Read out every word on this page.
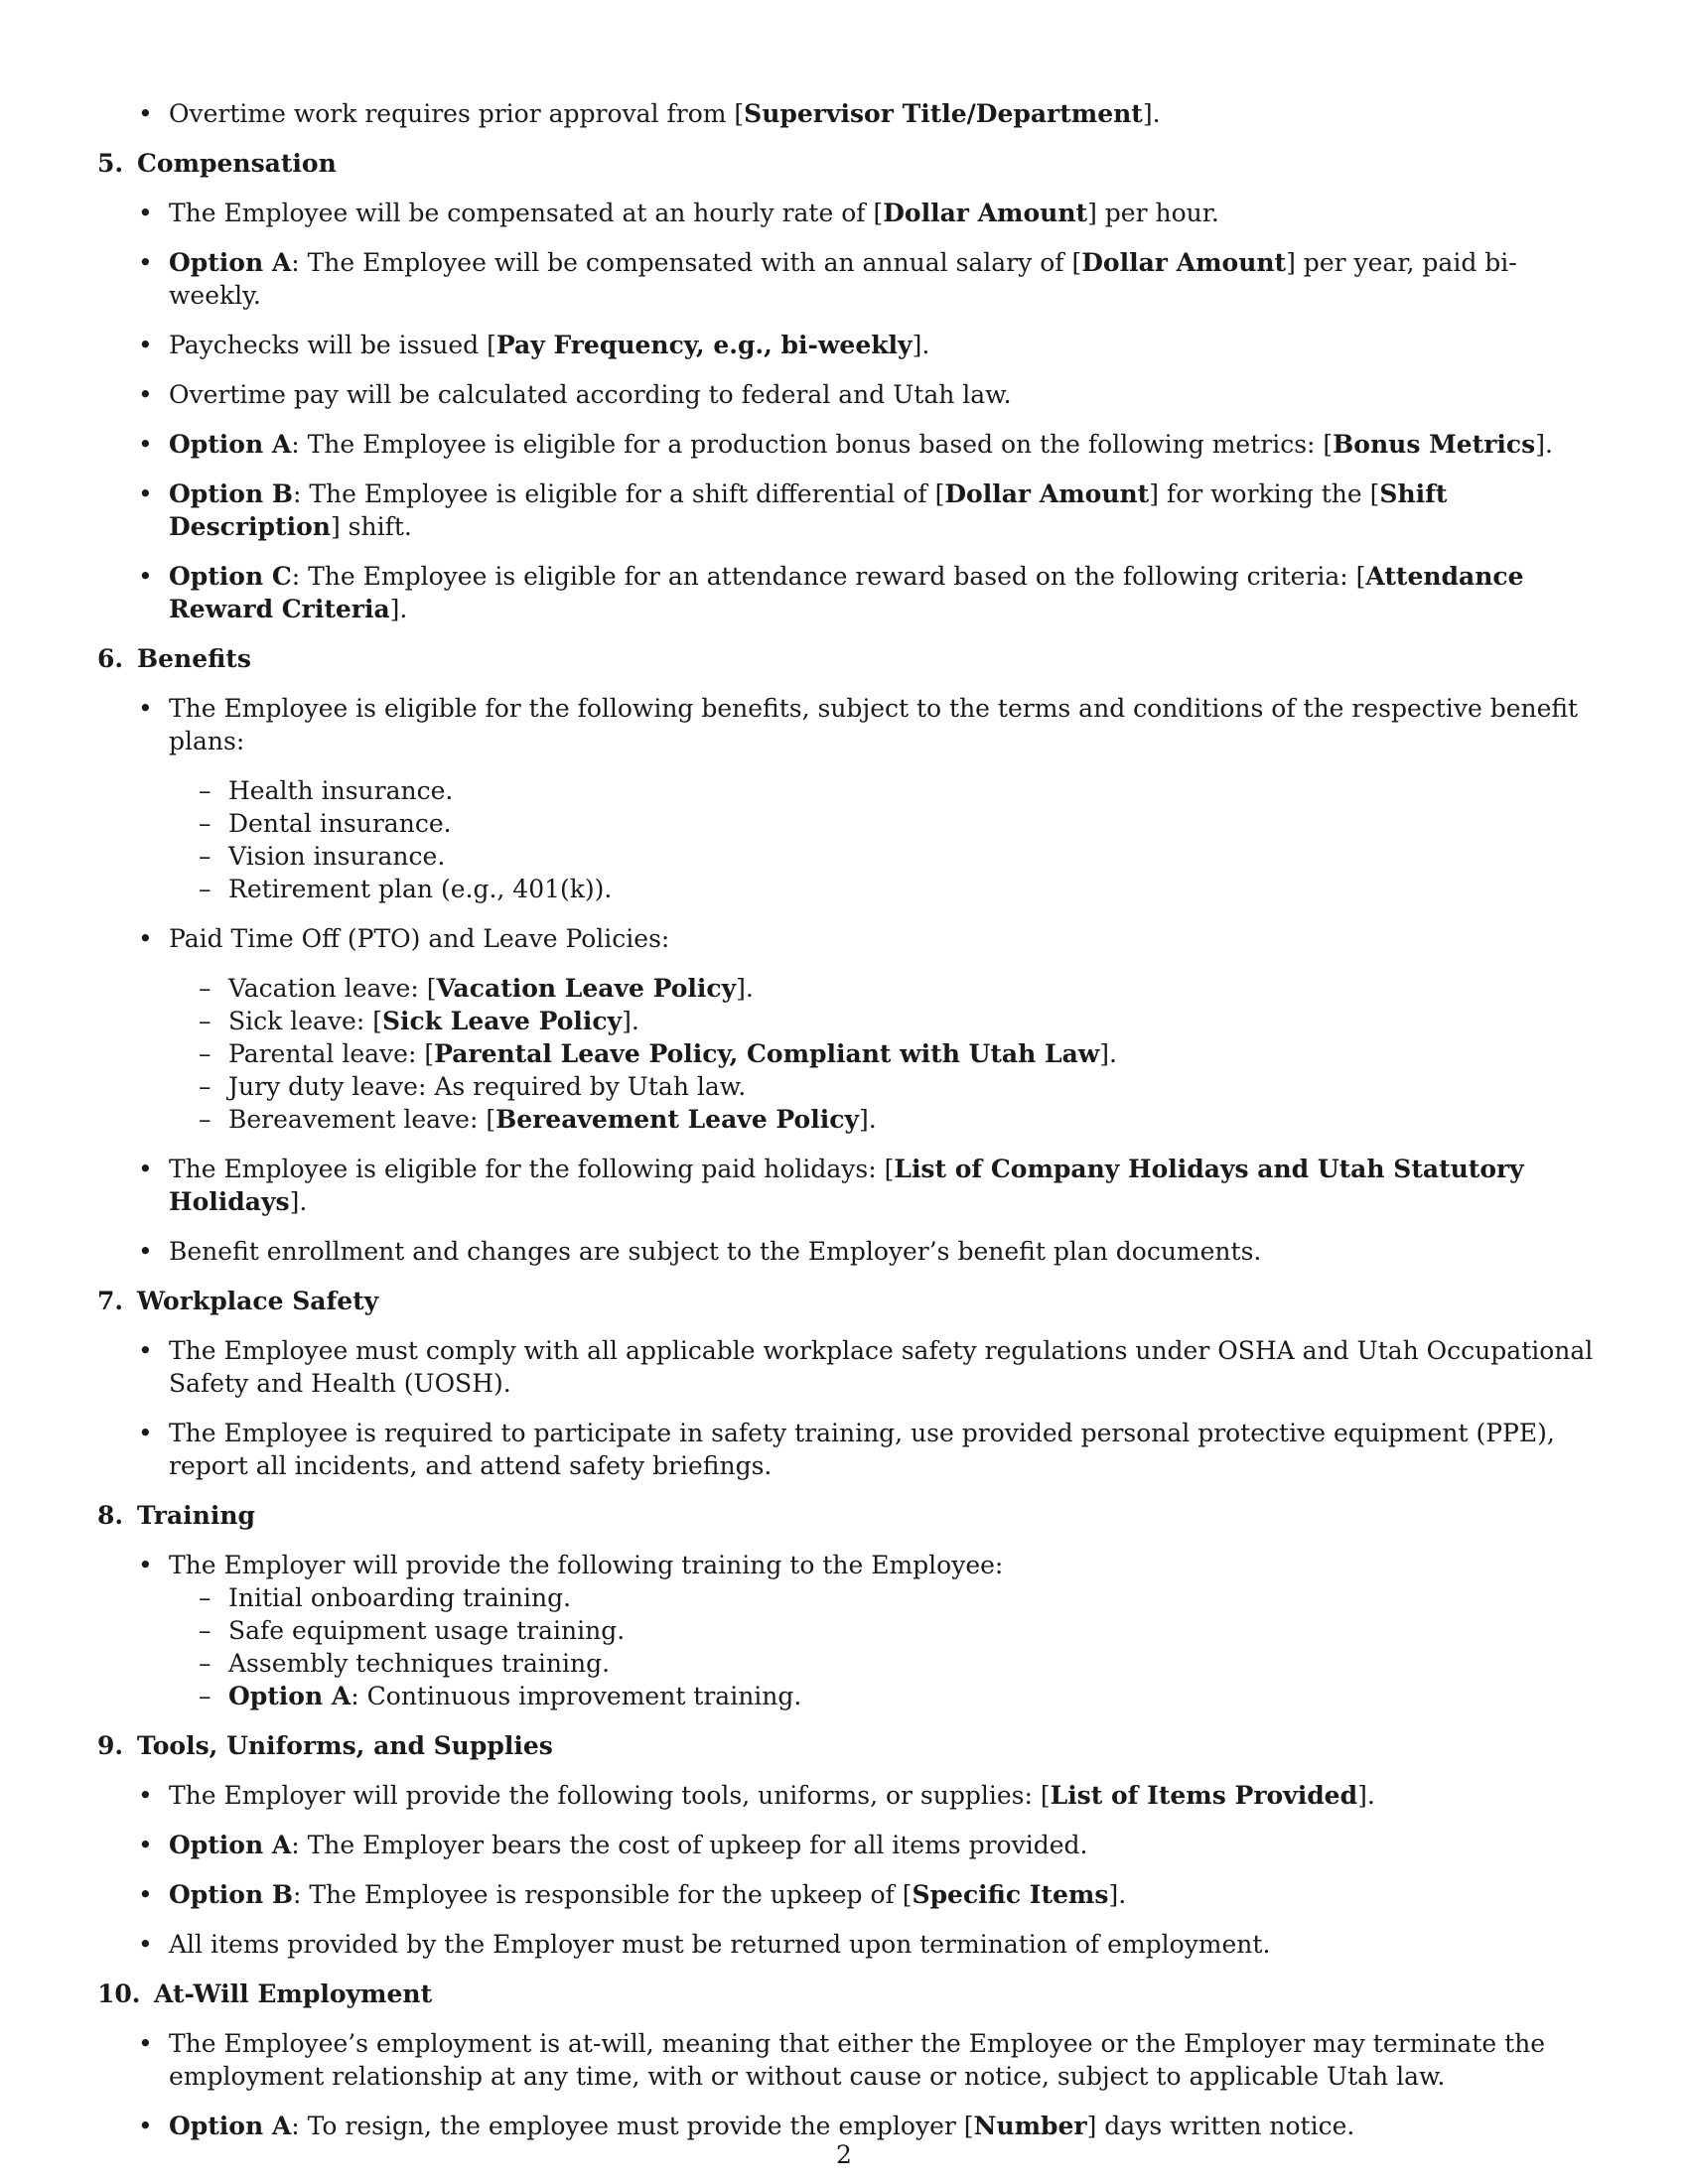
• Overtime work requires prior approval from [Supervisor Title/Department].
5. Compensation
• The Employee will be compensated at an hourly rate of [Dollar Amount] per hour.
• Option A: The Employee will be compensated with an annual salary of [Dollar Amount] per year, paid bi-weekly.
• Paychecks will be issued [Pay Frequency, e.g., bi-weekly].
• Overtime pay will be calculated according to federal and Utah law.
• Option A: The Employee is eligible for a production bonus based on the following metrics: [Bonus Metrics].
• Option B: The Employee is eligible for a shift differential of [Dollar Amount] for working the [Shift Description] shift.
• Option C: The Employee is eligible for an attendance reward based on the following criteria: [Attendance Reward Criteria].
6. Benefits
• The Employee is eligible for the following benefits, subject to the terms and conditions of the respective benefit plans:
– Health insurance.
– Dental insurance.
– Vision insurance.
– Retirement plan (e.g., 401(k)).
• Paid Time Off (PTO) and Leave Policies:
– Vacation leave: [Vacation Leave Policy].
– Sick leave: [Sick Leave Policy].
– Parental leave: [Parental Leave Policy, Compliant with Utah Law].
– Jury duty leave: As required by Utah law.
– Bereavement leave: [Bereavement Leave Policy].
• The Employee is eligible for the following paid holidays: [List of Company Holidays and Utah Statutory Holidays].
• Benefit enrollment and changes are subject to the Employer’s benefit plan documents.
7. Workplace Safety
• The Employee must comply with all applicable workplace safety regulations under OSHA and Utah Occupational Safety and Health (UOSH).
• The Employee is required to participate in safety training, use provided personal protective equipment (PPE), report all incidents, and attend safety briefings.
8. Training
• The Employer will provide the following training to the Employee:
– Initial onboarding training.
– Safe equipment usage training.
– Assembly techniques training.
– Option A: Continuous improvement training.
9. Tools, Uniforms, and Supplies
• The Employer will provide the following tools, uniforms, or supplies: [List of Items Provided].
• Option A: The Employer bears the cost of upkeep for all items provided.
• Option B: The Employee is responsible for the upkeep of [Specific Items].
• All items provided by the Employer must be returned upon termination of employment.
10. At-Will Employment
• The Employee’s employment is at-will, meaning that either the Employee or the Employer may terminate the employment relationship at any time, with or without cause or notice, subject to applicable Utah law.
• Option A: To resign, the employee must provide the employer [Number] days written notice.
2
